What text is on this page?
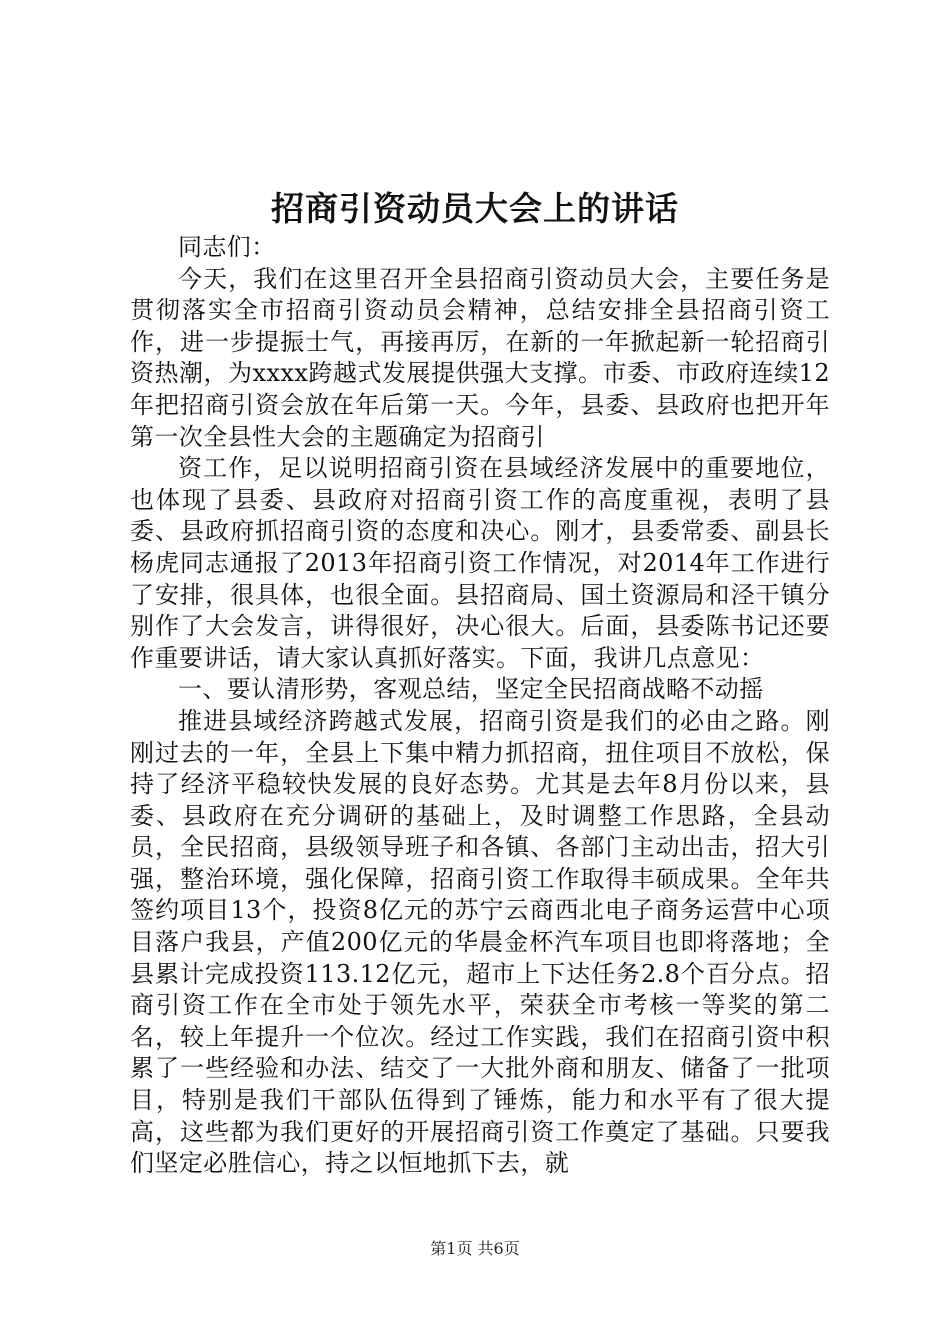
招商引资动员大会上的讲话

同志们：

今天，我们在这里召开全县招商引资动员大会，主要任务是贯彻落实全市招商引资动员会精神，总结安排全县招商引资工作，进一步提振士气，再接再厉，在新的一年掀起新一轮招商引资热潮，为xxxx跨越式发展提供强大支撑。市委、市政府连续12年把招商引资会放在年后第一天。今年，县委、县政府也把开年第一次全县性大会的主题确定为招商引

资工作，足以说明招商引资在县域经济发展中的重要地位，也体现了县委、县政府对招商引资工作的高度重视，表明了县委、县政府抓招商引资的态度和决心。刚才，县委常委、副县长杨虎同志通报了2013年招商引资工作情况，对2014年工作进行了安排，很具体，也很全面。县招商局、国土资源局和泾干镇分别作了大会发言，讲得很好，决心很大。后面，县委陈书记还要作重要讲话，请大家认真抓好落实。下面，我讲几点意见：

一、要认清形势，客观总结，坚定全民招商战略不动摇

推进县域经济跨越式发展，招商引资是我们的必由之路。刚刚过去的一年，全县上下集中精力抓招商，扭住项目不放松，保持了经济平稳较快发展的良好态势。尤其是去年8月份以来，县委、县政府在充分调研的基础上，及时调整工作思路，全县动员，全民招商，县级领导班子和各镇、各部门主动出击，招大引强，整治环境，强化保障，招商引资工作取得丰硕成果。全年共签约项目13个，投资8亿元的苏宁云商西北电子商务运营中心项目落户我县，产值200亿元的华晨金杯汽车项目也即将落地；全县累计完成投资113.12亿元，超市上下达任务2.8个百分点。招商引资工作在全市处于领先水平，荣获全市考核一等奖的第二名，较上年提升一个位次。经过工作实践，我们在招商引资中积累了一些经验和办法、结交了一大批外商和朋友、储备了一批项目，特别是我们干部队伍得到了锤炼，能力和水平有了很大提高，这些都为我们更好的开展招商引资工作奠定了基础。只要我们坚定必胜信心，持之以恒地抓下去，就

第1页 共6页
